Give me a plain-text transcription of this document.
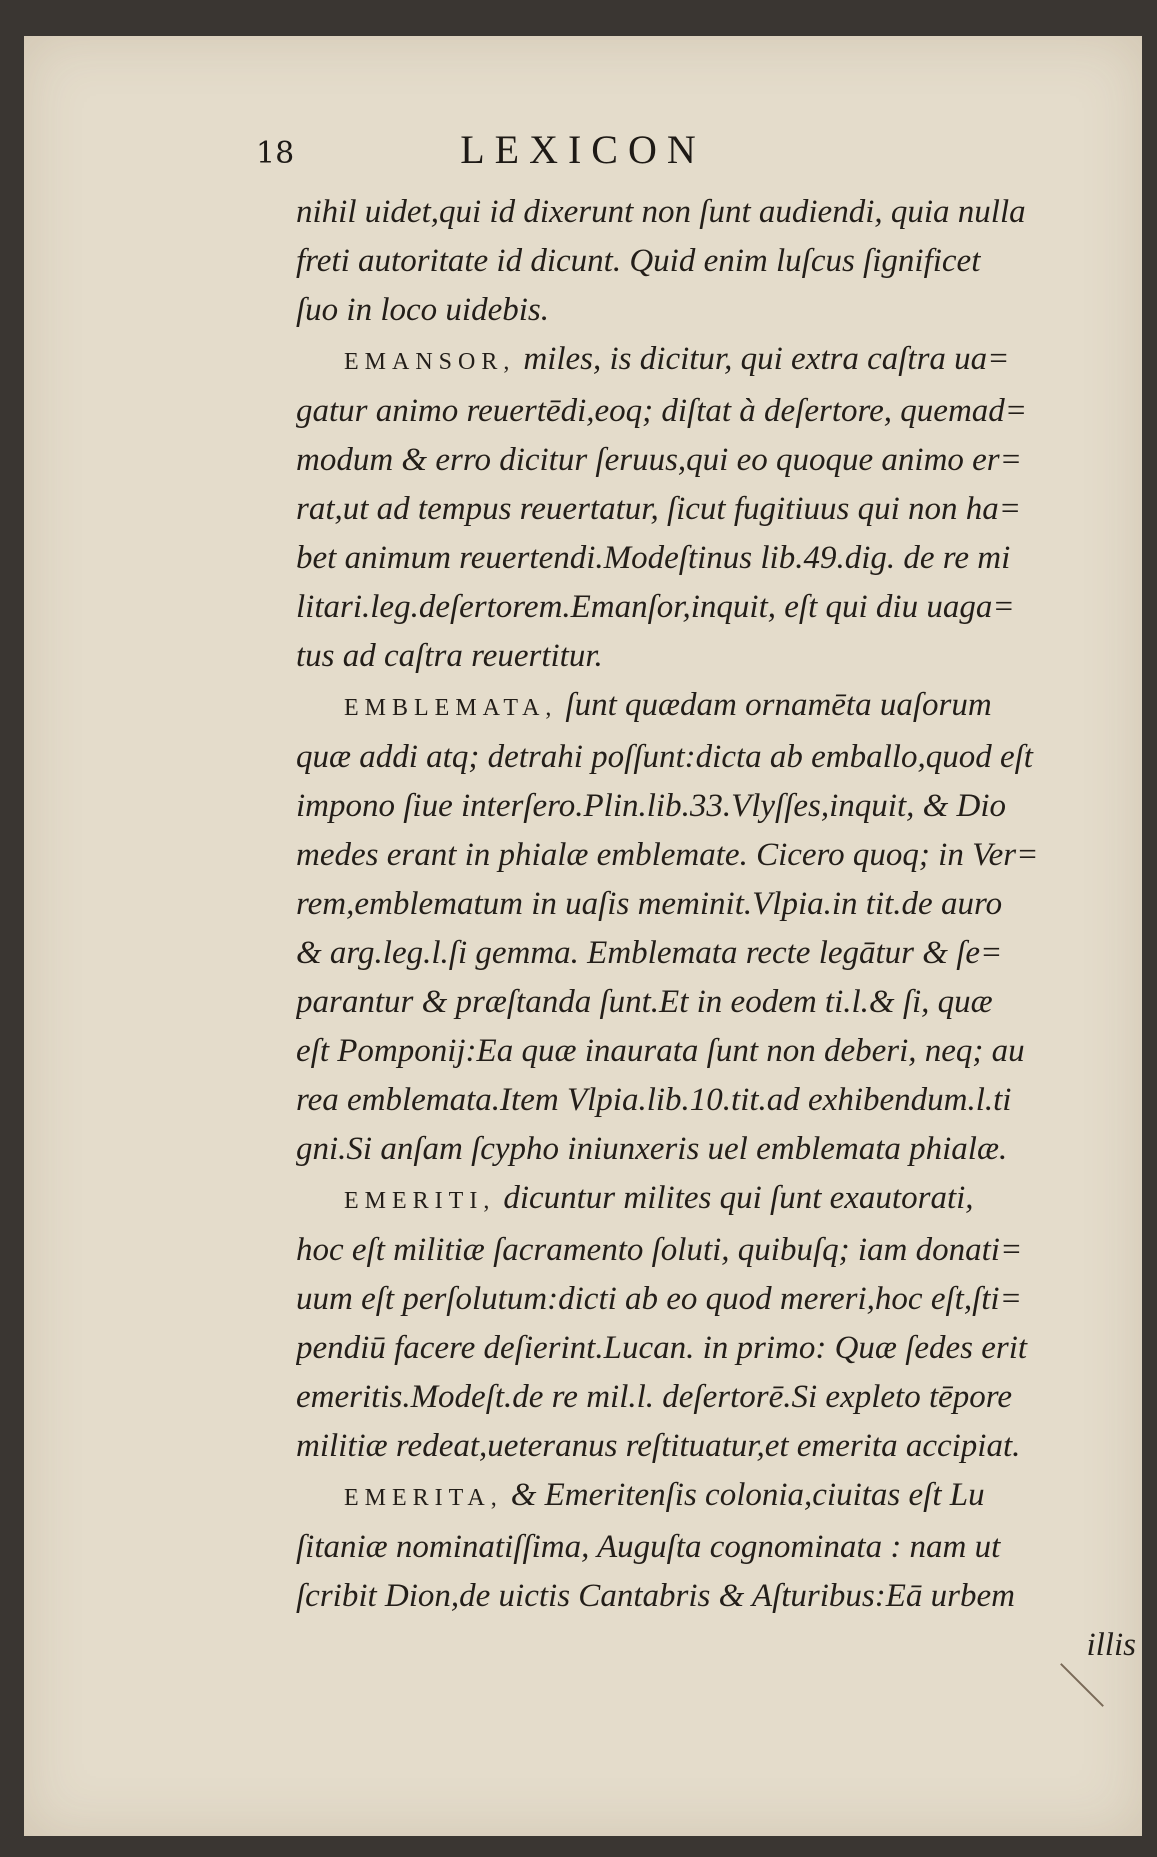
18	LEXICON
nihil uidet,qui id dixerunt non ſunt audiendi, quia nulla
freti autoritate id dicunt. Quid enim luſcus ſignificet
ſuo in loco uidebis.
EMANSOR, miles, is dicitur, qui extra caſtra ua=
gatur animo reuertēdi,eoq; diſtat à deſertore, quemad=
modum & erro dicitur ſeruus,qui eo quoque animo er=
rat,ut ad tempus reuertatur, ſicut fugitiuus qui non ha=
bet animum reuertendi.Modeſtinus lib.49.dig. de re mi
litari.leg.deſertorem.Emanſor,inquit, eſt qui diu uaga=
tus ad caſtra reuertitur.
EMBLEMATA, ſunt quædam ornamēta uaſorum
quæ addi atq; detrahi poſſunt:dicta ab emballo,quod eſt
impono ſiue interſero.Plin.lib.33.Vlyſſes,inquit, & Dio
medes erant in phialæ emblemate. Cicero quoq; in Ver=
rem,emblematum in uaſis meminit.Vlpia.in tit.de auro
& arg.leg.l.ſi gemma. Emblemata recte legātur & ſe=
parantur & præſtanda ſunt.Et in eodem ti.l.& ſi, quæ
eſt Pomponij:Ea quæ inaurata ſunt non deberi, neq; au
rea emblemata.Item Vlpia.lib.10.tit.ad exhibendum.l.ti
gni.Si anſam ſcypho iniunxeris uel emblemata phialæ.
EMERITI, dicuntur milites qui ſunt exautorati,
hoc eſt militiæ ſacramento ſoluti, quibuſq; iam donati=
uum eſt perſolutum:dicti ab eo quod mereri,hoc eſt,ſti=
pendiū facere deſierint.Lucan. in primo: Quæ ſedes erit
emeritis.Modeſt.de re mil.l. deſertorē.Si expleto tēpore
militiæ redeat,ueteranus reſtituatur,et emerita accipiat.
EMERITA, & Emeritenſis colonia,ciuitas eſt Lu
ſitaniæ nominatiſſima, Auguſta cognominata : nam ut
ſcribit Dion,de uictis Cantabris & Aſturibus:Eā urbem
illis
